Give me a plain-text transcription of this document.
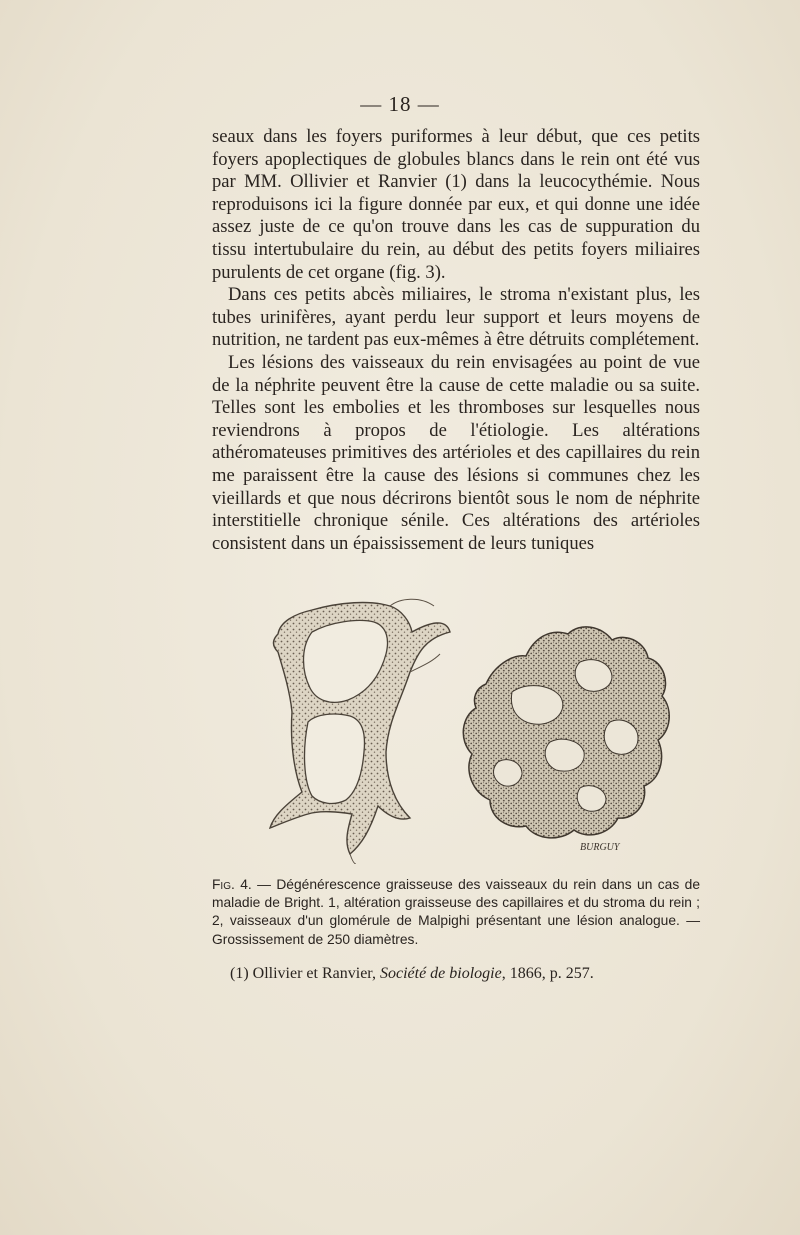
— 18 —

seaux dans les foyers puriformes à leur début, que ces petits foyers apoplectiques de globules blancs dans le rein ont été vus par MM. Ollivier et Ranvier (1) dans la leucocythémie. Nous reproduisons ici la figure donnée par eux, et qui donne une idée assez juste de ce qu'on trouve dans les cas de suppuration du tissu intertubulaire du rein, au début des petits foyers miliaires purulents de cet organe (fig. 3).

Dans ces petits abcès miliaires, le stroma n'existant plus, les tubes urinifères, ayant perdu leur support et leurs moyens de nutrition, ne tardent pas eux-mêmes à être détruits complétement.

Les lésions des vaisseaux du rein envisagées au point de vue de la néphrite peuvent être la cause de cette maladie ou sa suite. Telles sont les embolies et les thromboses sur lesquelles nous reviendrons à propos de l'étiologie. Les altérations athéromateuses primitives des artérioles et des capillaires du rein me paraissent être la cause des lésions si communes chez les vieillards et que nous décrirons bientôt sous le nom de néphrite interstitielle chronique sénile. Ces altérations des artérioles consistent dans un épaississement de leurs tuniques

BURGUY
Fig. 4. — Dégénérescence graisseuse des vaisseaux du rein dans un cas de maladie de Bright. 1, altération graisseuse des capillaires et du stroma du rein ; 2, vaisseaux d'un glomérule de Malpighi présentant une lésion analogue. — Grossissement de 250 diamètres.
(1) Ollivier et Ranvier, Société de biologie, 1866, p. 257.
